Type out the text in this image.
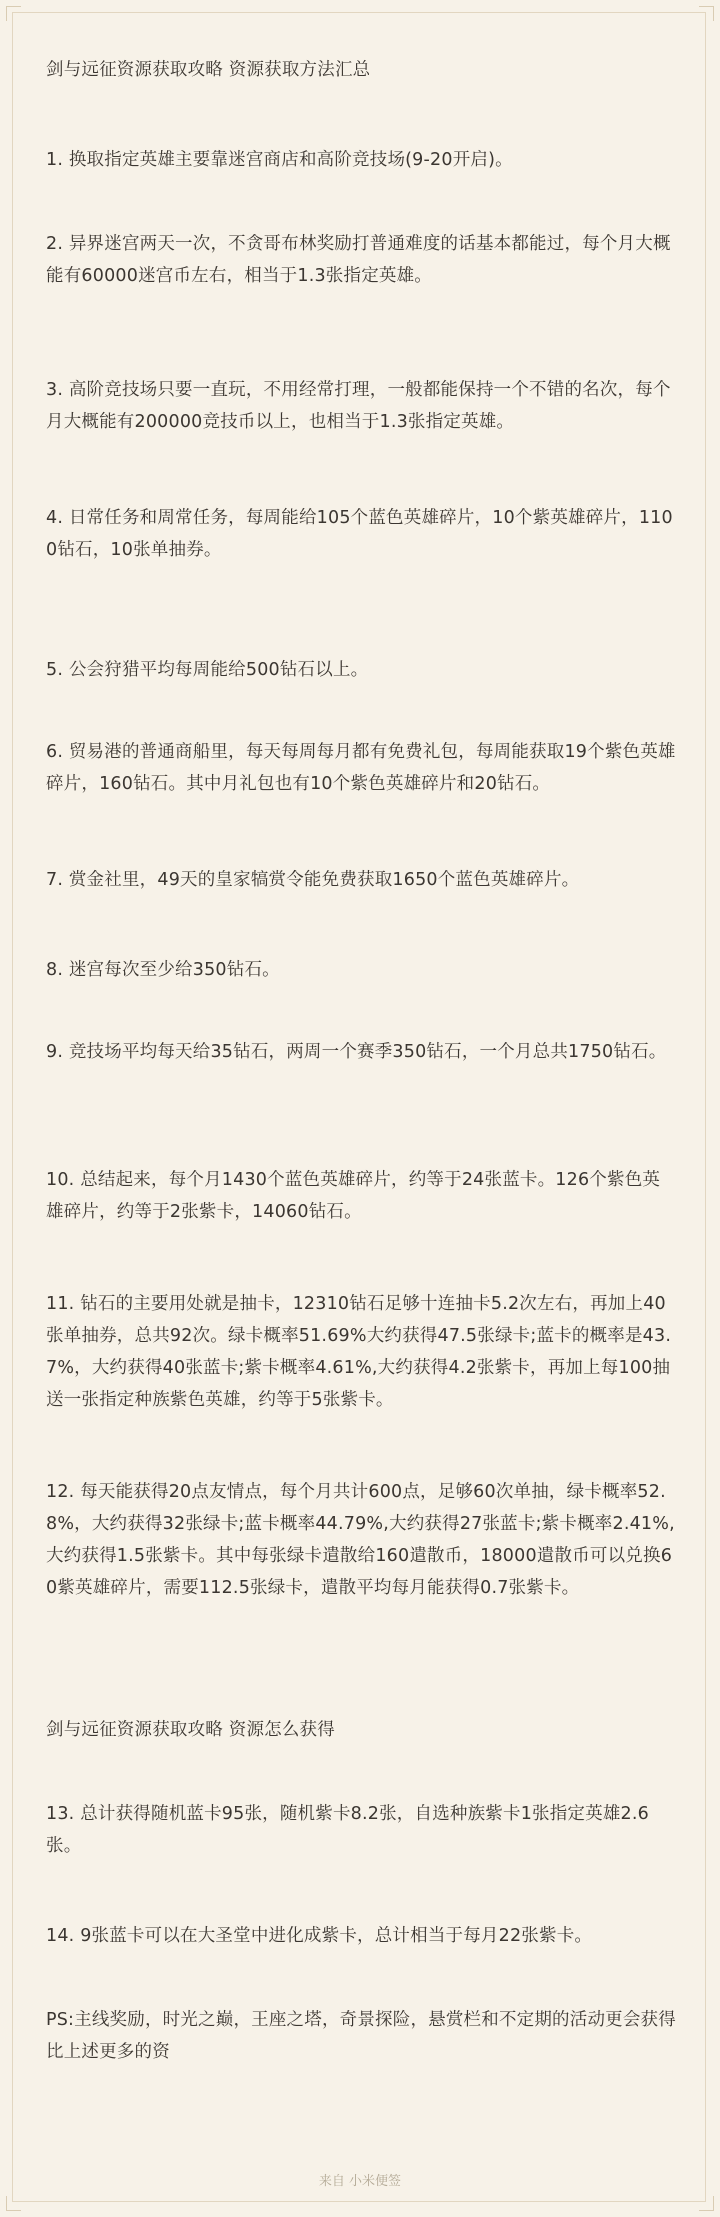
剑与远征资源获取攻略 资源获取方法汇总

1. 换取指定英雄主要靠迷宫商店和高阶竞技场(9-20开启)。

2. 异界迷宫两天一次，不贪哥布林奖励打普通难度的话基本都能过，每个月大概能有60000迷宫币左右，相当于1.3张指定英雄。

3. 高阶竞技场只要一直玩，不用经常打理，一般都能保持一个不错的名次，每个月大概能有200000竞技币以上，也相当于1.3张指定英雄。

4. 日常任务和周常任务，每周能给105个蓝色英雄碎片，10个紫英雄碎片，1100钻石，10张单抽券。

5. 公会狩猎平均每周能给500钻石以上。

6. 贸易港的普通商船里，每天每周每月都有免费礼包，每周能获取19个紫色英雄碎片，160钻石。其中月礼包也有10个紫色英雄碎片和20钻石。

7. 赏金社里，49天的皇家犒赏令能免费获取1650个蓝色英雄碎片。

8. 迷宫每次至少给350钻石。

9. 竞技场平均每天给35钻石，两周一个赛季350钻石，一个月总共1750钻石。

10. 总结起来，每个月1430个蓝色英雄碎片，约等于24张蓝卡。126个紫色英雄碎片，约等于2张紫卡，14060钻石。

11. 钻石的主要用处就是抽卡，12310钻石足够十连抽卡5.2次左右，再加上40张单抽券，总共92次。绿卡概率51.69%大约获得47.5张绿卡;蓝卡的概率是43.7%，大约获得40张蓝卡;紫卡概率4.61%,大约获得4.2张紫卡，再加上每100抽送一张指定种族紫色英雄，约等于5张紫卡。

12. 每天能获得20点友情点，每个月共计600点，足够60次单抽，绿卡概率52.8%，大约获得32张绿卡;蓝卡概率44.79%,大约获得27张蓝卡;紫卡概率2.41%,大约获得1.5张紫卡。其中每张绿卡遣散给160遣散币，18000遣散币可以兑换60紫英雄碎片，需要112.5张绿卡，遣散平均每月能获得0.7张紫卡。

剑与远征资源获取攻略 资源怎么获得

13. 总计获得随机蓝卡95张，随机紫卡8.2张，自选种族紫卡1张指定英雄2.6张。

14. 9张蓝卡可以在大圣堂中进化成紫卡，总计相当于每月22张紫卡。

PS:主线奖励，时光之巅，王座之塔，奇景探险，悬赏栏和不定期的活动更会获得比上述更多的资

来自 小米便签
